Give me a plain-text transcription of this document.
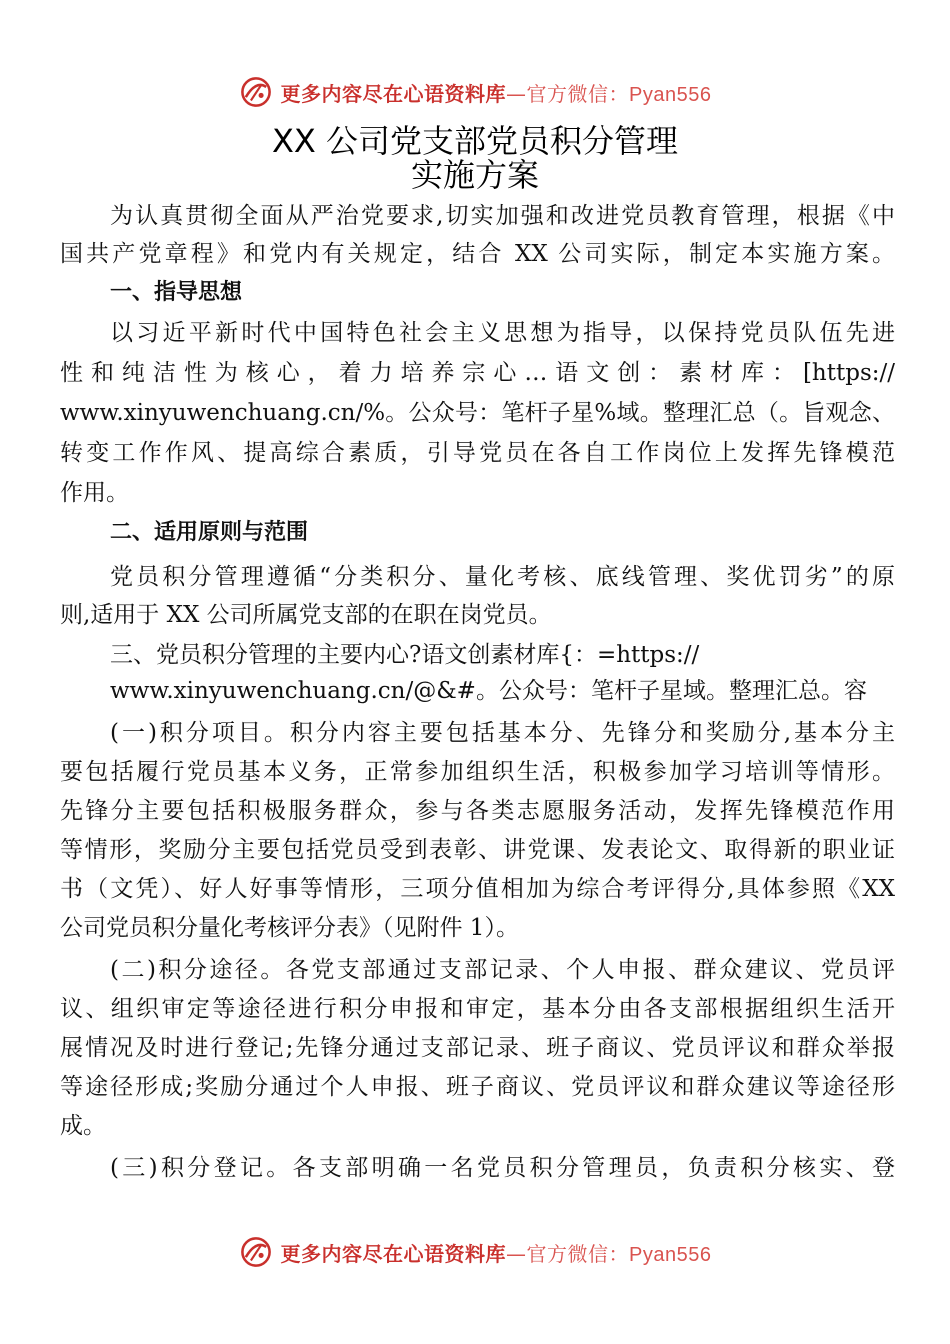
更多内容尽在心语资料库—官方微信：Pyan556
XX 公司党支部党员积分管理
实施方案
为认真贯彻全面从严治党要求,切实加强和改进党员教育管理，根据《中
国共产党章程》和党内有关规定，结合 XX 公司实际，制定本实施方案。
一、指导思想
以习近平新时代中国特色社会主义思想为指导，以保持党员队伍先进
性和纯洁性为核心，着力培养宗心…语文创：素材库：[https://
www.xinyuwenchuang.cn/%。公众号：笔杆子星%域。整理汇总（。旨观念、
转变工作作风、提高综合素质，引导党员在各自工作岗位上发挥先锋模范
作用。
二、适用原则与范围
党员积分管理遵循“分类积分、量化考核、底线管理、奖优罚劣”的原
则,适用于 XX 公司所属党支部的在职在岗党员。
三、党员积分管理的主要内心?语文创素材库{：=https://
www.xinyuwenchuang.cn/@&#。公众号：笔杆子星域。整理汇总。容
(一)积分项目。积分内容主要包括基本分、先锋分和奖励分,基本分主
要包括履行党员基本义务，正常参加组织生活，积极参加学习培训等情形。
先锋分主要包括积极服务群众，参与各类志愿服务活动，发挥先锋模范作用
等情形，奖励分主要包括党员受到表彰、讲党课、发表论文、取得新的职业证
书（文凭）、好人好事等情形，三项分值相加为综合考评得分,具体参照《XX
公司党员积分量化考核评分表》（见附件 1）。
(二)积分途径。各党支部通过支部记录、个人申报、群众建议、党员评
议、组织审定等途径进行积分申报和审定，基本分由各支部根据组织生活开
展情况及时进行登记;先锋分通过支部记录、班子商议、党员评议和群众举报
等途径形成;奖励分通过个人申报、班子商议、党员评议和群众建议等途径形
成。
(三)积分登记。各支部明确一名党员积分管理员，负责积分核实、登
更多内容尽在心语资料库—官方微信：Pyan556
